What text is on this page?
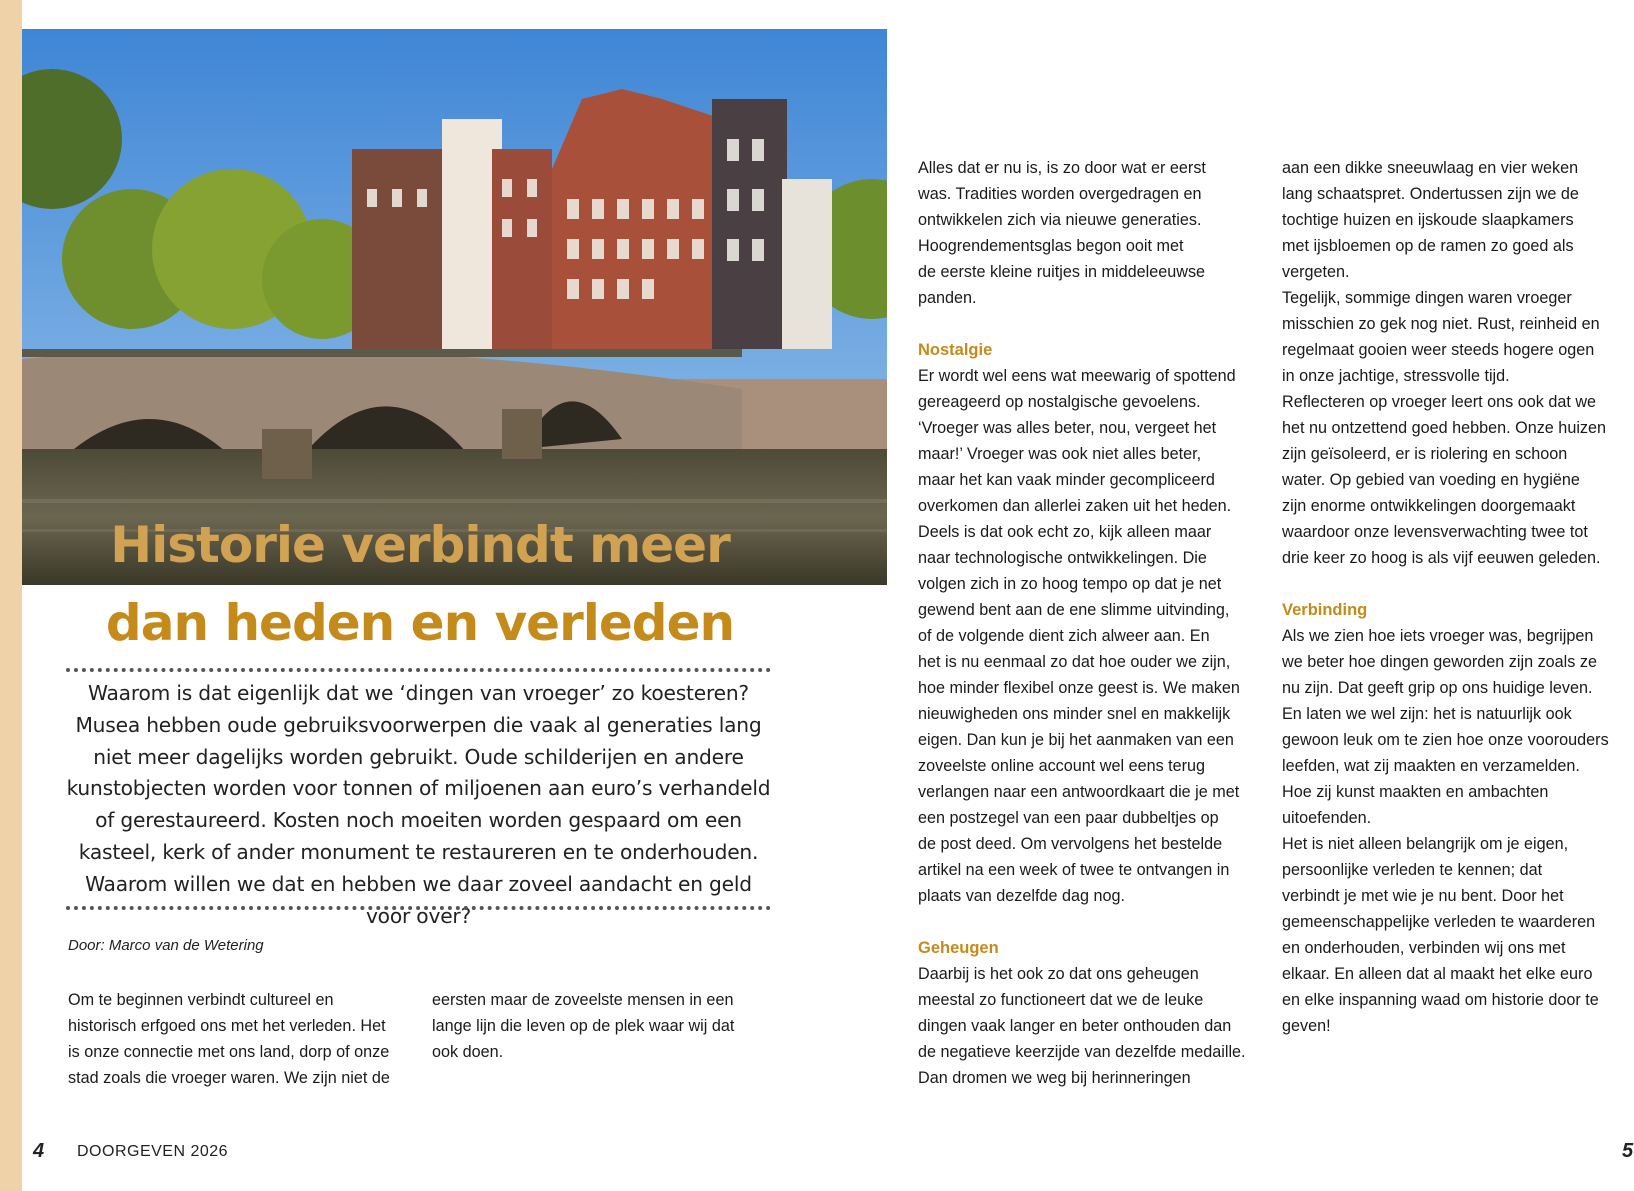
Historie verbindt meer
dan heden en verleden
Waarom is dat eigenlijk dat we ‘dingen van vroeger’ zo koesteren? Musea hebben oude gebruiksvoorwerpen die vaak al generaties lang niet meer dagelijks worden gebruikt. Oude schilderijen en andere kunstobjecten worden voor tonnen of miljoenen aan euro’s verhandeld of gerestaureerd. Kosten noch moeiten worden gespaard om een kasteel, kerk of ander monument te restaureren en te onderhouden. Waarom willen we dat en hebben we daar zoveel aandacht en geld voor over?
Door: Marco van de Wetering

Om te beginnen verbindt cultureel en

historisch erfgoed ons met het verleden. Het

is onze connectie met ons land, dorp of onze

stad zoals die vroeger waren. We zijn niet de

eersten maar de zoveelste mensen in een

lange lijn die leven op de plek waar wij dat

ook doen.

Alles dat er nu is, is zo door wat er eerst

was. Tradities worden overgedragen en

ontwikkelen zich via nieuwe generaties.

Hoogrendementsglas begon ooit met

de eerste kleine ruitjes in middeleeuwse

panden.

Nostalgie

Er wordt wel eens wat meewarig of spottend

gereageerd op nostalgische gevoelens.

‘Vroeger was alles beter, nou, vergeet het

maar!’ Vroeger was ook niet alles beter,

maar het kan vaak minder gecompliceerd

overkomen dan allerlei zaken uit het heden.

Deels is dat ook echt zo, kijk alleen maar

naar technologische ontwikkelingen. Die

volgen zich in zo hoog tempo op dat je net

gewend bent aan de ene slimme uitvinding,

of de volgende dient zich alweer aan. En

het is nu eenmaal zo dat hoe ouder we zijn,

hoe minder flexibel onze geest is. We maken

nieuwigheden ons minder snel en makkelijk

eigen. Dan kun je bij het aanmaken van een

zoveelste online account wel eens terug

verlangen naar een antwoordkaart die je met

een postzegel van een paar dubbeltjes op

de post deed. Om vervolgens het bestelde

artikel na een week of twee te ontvangen in

plaats van dezelfde dag nog.

Geheugen

Daarbij is het ook zo dat ons geheugen

meestal zo functioneert dat we de leuke

dingen vaak langer en beter onthouden dan

de negatieve keerzijde van dezelfde medaille.

Dan dromen we weg bij herinneringen

aan een dikke sneeuwlaag en vier weken

lang schaatspret. Ondertussen zijn we de

tochtige huizen en ijskoude slaapkamers

met ijsbloemen op de ramen zo goed als

vergeten.

Tegelijk, sommige dingen waren vroeger

misschien zo gek nog niet. Rust, reinheid en

regelmaat gooien weer steeds hogere ogen

in onze jachtige, stressvolle tijd.

Reflecteren op vroeger leert ons ook dat we

het nu ontzettend goed hebben. Onze huizen

zijn geïsoleerd, er is riolering en schoon

water. Op gebied van voeding en hygiëne

zijn enorme ontwikkelingen doorgemaakt

waardoor onze levensverwachting twee tot

drie keer zo hoog is als vijf eeuwen geleden.

Verbinding

Als we zien hoe iets vroeger was, begrijpen

we beter hoe dingen geworden zijn zoals ze

nu zijn. Dat geeft grip op ons huidige leven.

En laten we wel zijn: het is natuurlijk ook

gewoon leuk om te zien hoe onze voorouders

leefden, wat zij maakten en verzamelden.

Hoe zij kunst maakten en ambachten

uitoefenden.

Het is niet alleen belangrijk om je eigen,

persoonlijke verleden te kennen; dat

verbindt je met wie je nu bent. Door het

gemeenschappelijke verleden te waarderen

en onderhouden, verbinden wij ons met

elkaar. En alleen dat al maakt het elke euro

en elke inspanning waad om historie door te

geven!

4 DOORGEVEN 2026	5
